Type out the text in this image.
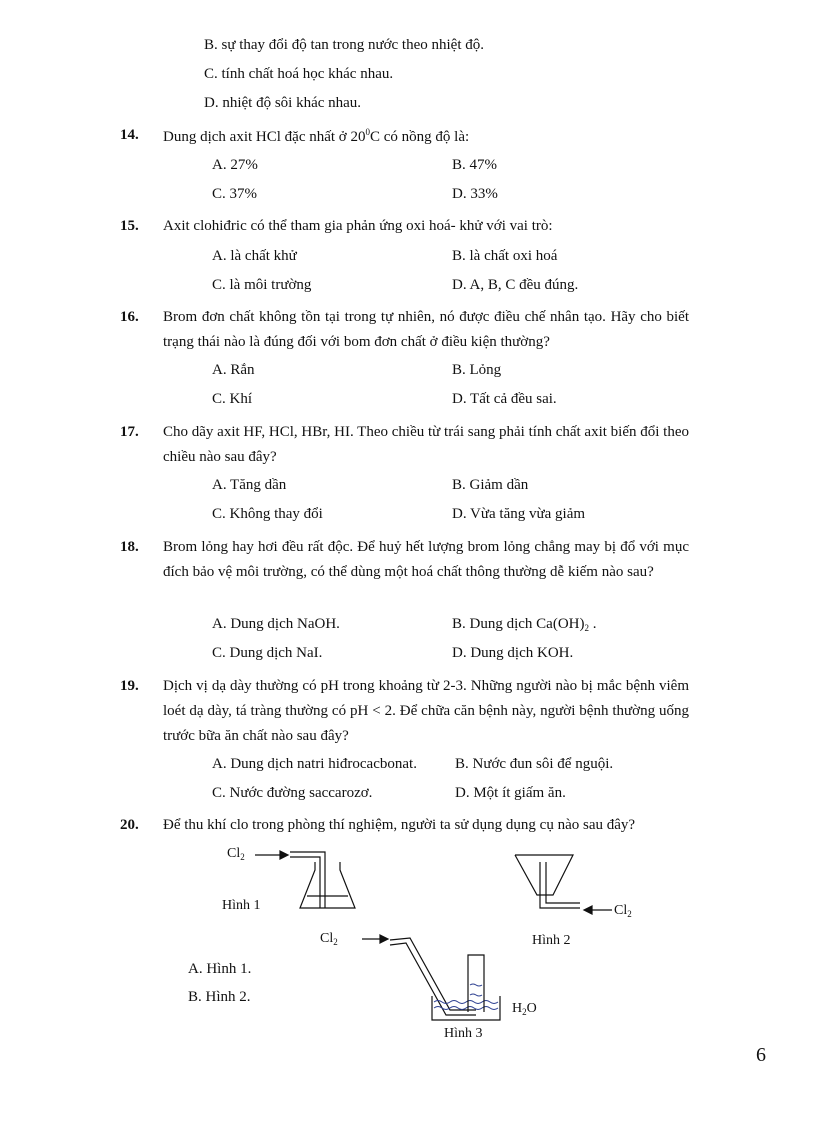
B. sự thay đổi độ tan trong nước theo nhiệt độ.
C. tính chất hoá học khác nhau.
D. nhiệt độ sôi khác nhau.
14. Dung dịch axit HCl đặc nhất ở $20^0C$ có nồng độ là:
A. 27%	B. 47%
C. 37%	D. 33%
15. Axit clohiđric có thể tham gia phản ứng oxi hoá- khử với vai trò:
A. là chất khử	B. là chất oxi hoá
C. là môi trường	D. A, B, C đều đúng.
16. Brom đơn chất không tồn tại trong tự nhiên, nó được điều chế nhân tạo. Hãy cho biết trạng thái nào là đúng đối với bom đơn chất ở điều kiện thường?
A. Rắn	B. Lỏng
C. Khí	D. Tất cả đều sai.
17. Cho dãy axit HF, HCl, HBr, HI. Theo chiều từ trái sang phải tính chất axit biến đổi theo chiều nào sau đây?
A. Tăng dần	B. Giảm dần
C. Không thay đổi	D. Vừa tăng vừa giảm
18. Brom lỏng hay hơi đều rất độc. Để huỷ hết lượng brom lỏng chẳng may bị đổ với mục đích bảo vệ môi trường, có thể dùng một hoá chất thông thường dễ kiếm nào sau?
A. Dung dịch NaOH.	B. Dung dịch $Ca(OH)_2$ .
C. Dung dịch NaI.	D. Dung dịch KOH.
19. Dịch vị dạ dày thường có pH trong khoảng từ 2-3. Những người nào bị mắc bệnh viêm loét dạ dày, tá tràng thường có pH < 2. Để chữa căn bệnh này, người bệnh thường uống trước bữa ăn chất nào sau đây?
A. Dung dịch natri hiđrocacbonat.	B. Nước đun sôi để nguội.
C. Nước đường saccarozơ.	D. Một ít giấm ăn.
20. Để thu khí clo trong phòng thí nghiệm, người ta sử dụng dụng cụ nào sau đây?
$Cl_2$
Hình 1	$Cl_2$
Hình 2
$Cl_2$
$H_2O$
Hình 3
A. Hình 1.
B. Hình 2.
6
